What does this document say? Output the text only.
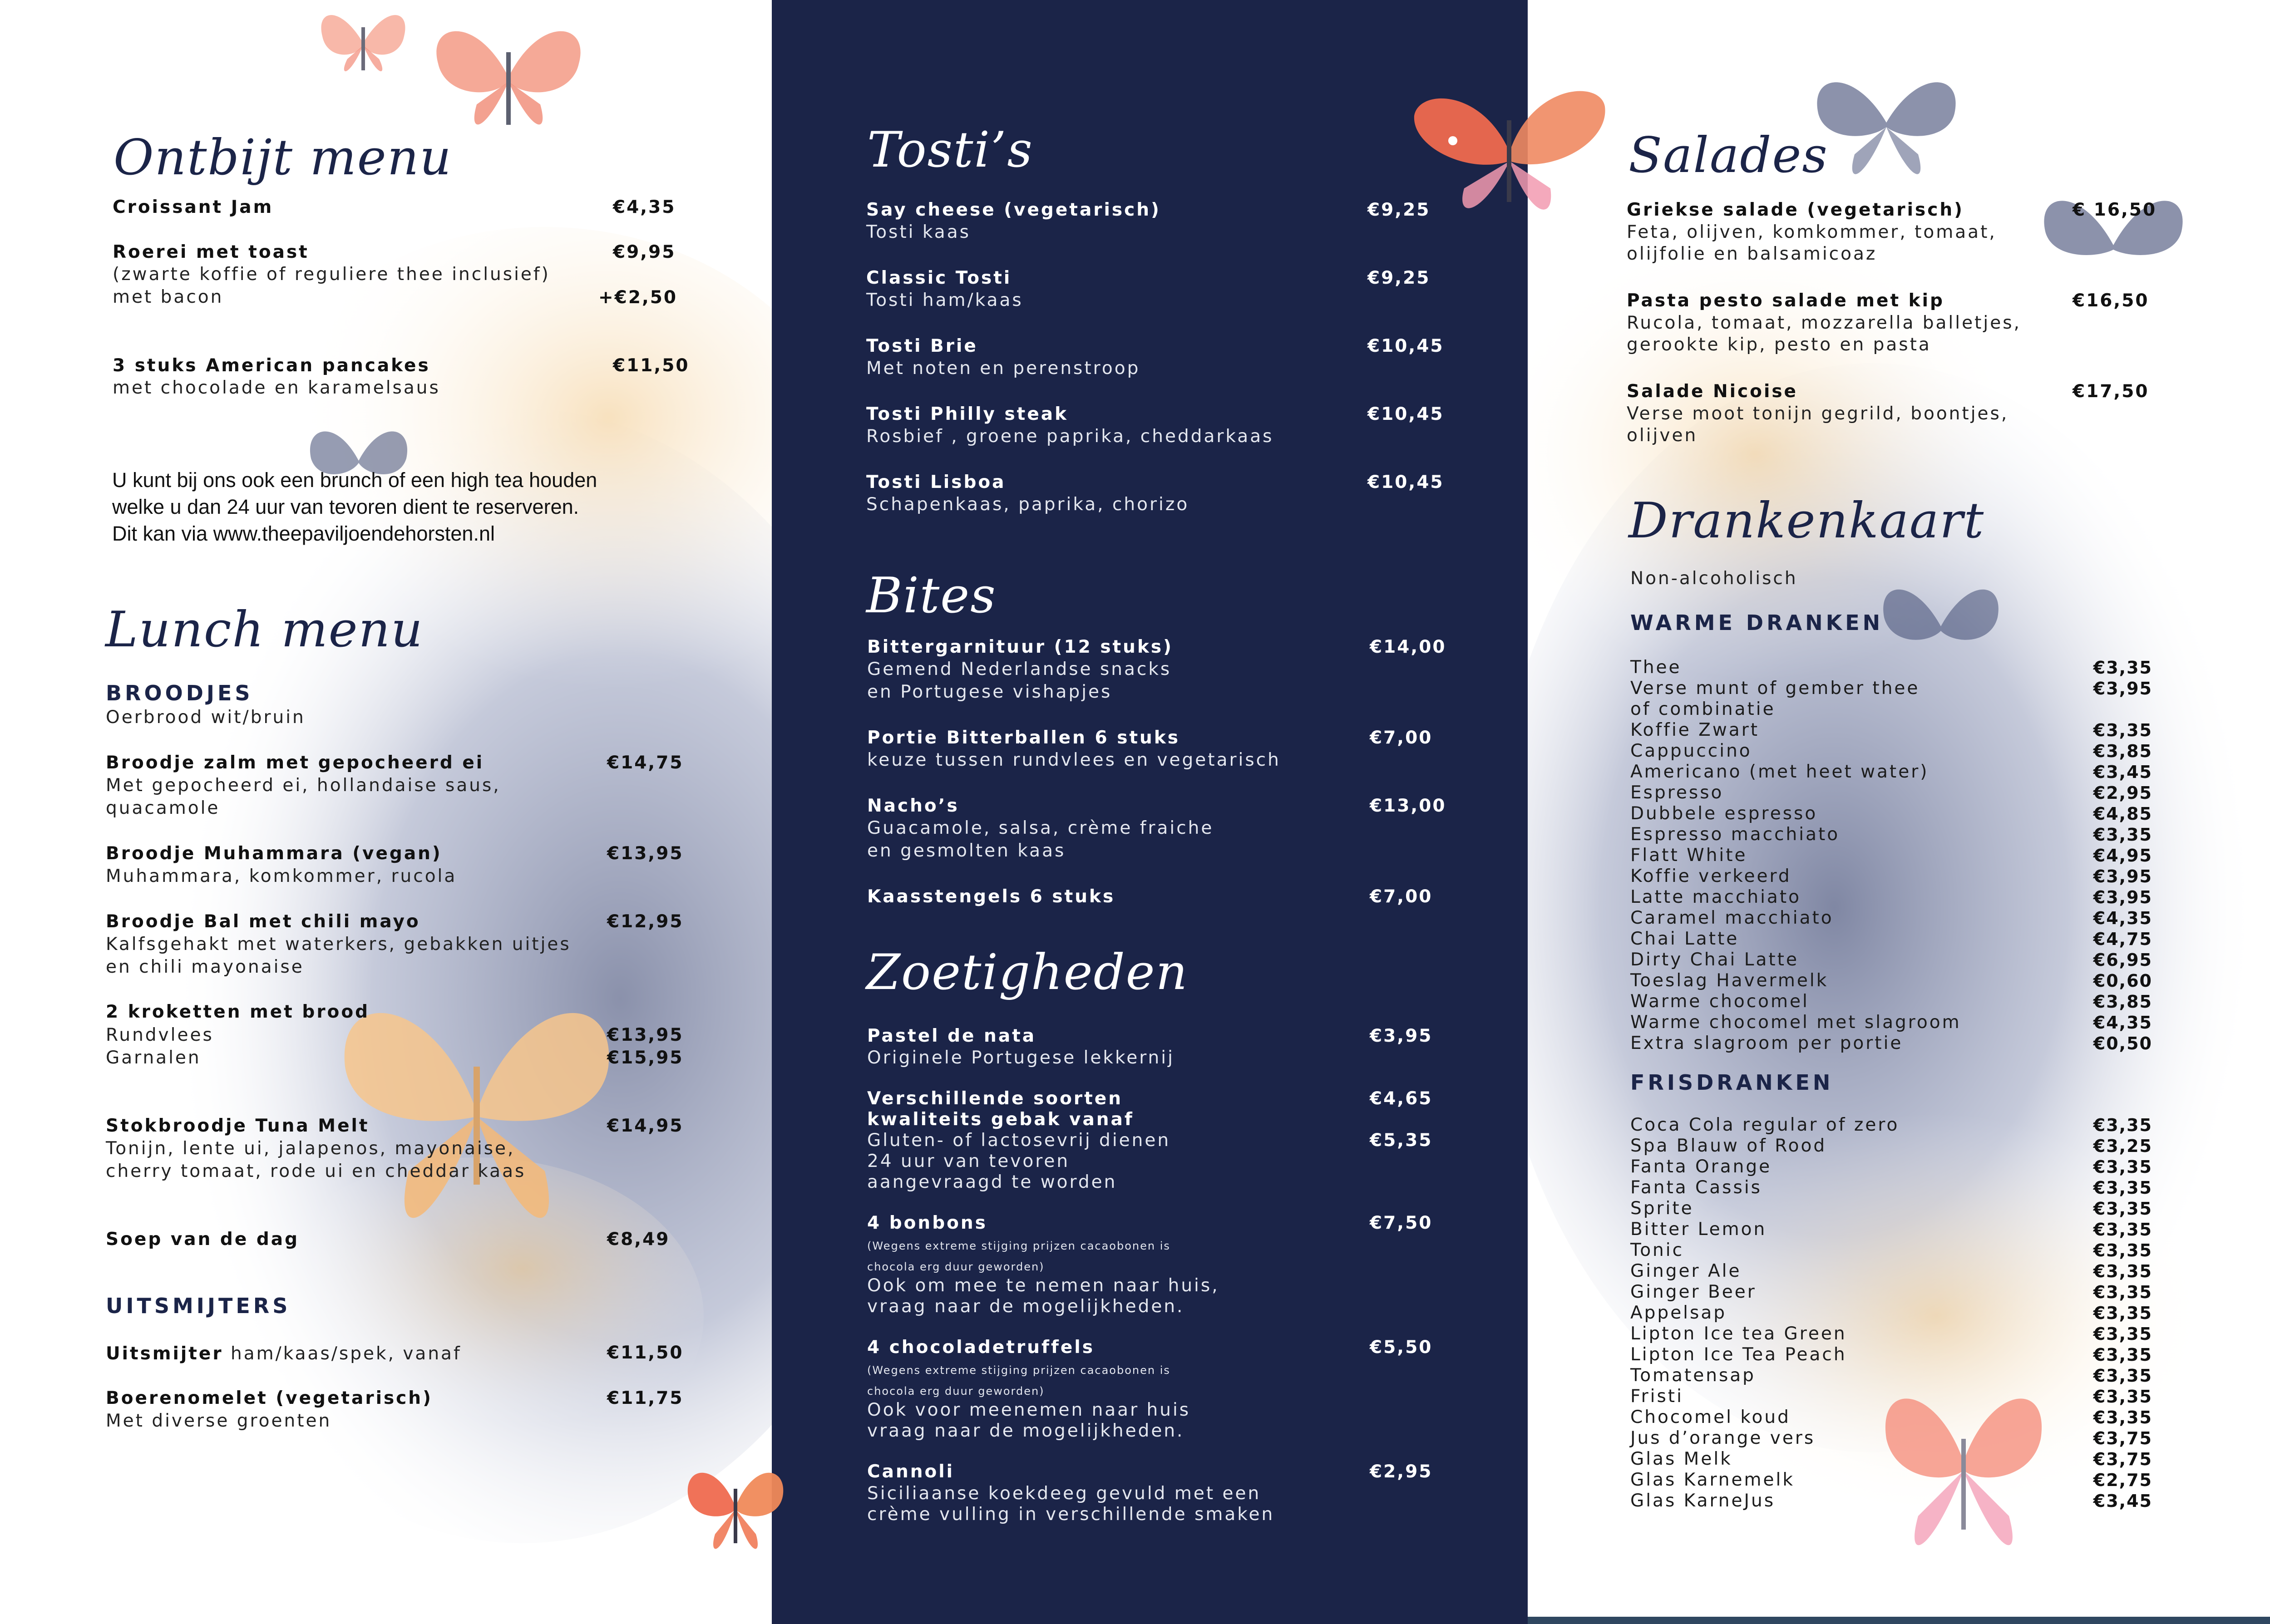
Ontbijt menu
Croissant Jam	€4,35
Roerei met toast	€9,95
(zwarte koffie of reguliere thee inclusief)
met bacon	+€2,50
3 stuks American pancakes	€11,50
met chocolade en karamelsaus
U kunt bij ons ook een brunch of een high tea houden
welke u dan 24 uur van tevoren dient te reserveren.
Dit kan via www.theepaviljoendehorsten.nl
Lunch menu
BROODJES
Oerbrood wit/bruin
Broodje zalm met gepocheerd ei	€14,75
Met gepocheerd ei, hollandaise saus,
quacamole
Broodje Muhammara (vegan)	€13,95
Muhammara, komkommer, rucola
Broodje Bal met chili mayo	€12,95
Kalfsgehakt met waterkers, gebakken uitjes
en chili mayonaise
2 kroketten met brood
Rundvlees	€13,95
Garnalen	€15,95
Stokbroodje Tuna Melt	€14,95
Tonijn, lente ui, jalapenos, mayonaise,
cherry tomaat, rode ui en cheddar kaas
Soep van de dag	€8,49
UITSMIJTERS
Uitsmijter ham/kaas/spek, vanaf	€11,50
Boerenomelet (vegetarisch)	€11,75
Met diverse groenten
Tosti’s
Say cheese (vegetarisch)	€9,25
Tosti kaas
Classic Tosti	€9,25
Tosti ham/kaas
Tosti Brie	€10,45
Met noten en perenstroop
Tosti Philly steak	€10,45
Rosbief , groene paprika, cheddarkaas
Tosti Lisboa	€10,45
Schapenkaas, paprika, chorizo
Bites
Bittergarnituur (12 stuks)	€14,00
Gemend Nederlandse snacks
en Portugese vishapjes
Portie Bitterballen 6 stuks	€7,00
keuze tussen rundvlees en vegetarisch
Nacho’s	€13,00
Guacamole, salsa, crème fraiche
en gesmolten kaas
Kaasstengels 6 stuks	€7,00
Zoetigheden
Pastel de nata	€3,95
Originele Portugese lekkernij
Verschillende soorten	€4,65
kwaliteits gebak vanaf
Gluten- of lactosevrij dienen	€5,35
24 uur van tevoren
aangevraagd te worden
4 bonbons	€7,50
(Wegens extreme stijging prijzen cacaobonen is
chocola erg duur geworden)
Ook om mee te nemen naar huis,
vraag naar de mogelijkheden.
4 chocoladetruffels	€5,50
(Wegens extreme stijging prijzen cacaobonen is
chocola erg duur geworden)
Ook voor meenemen naar huis
vraag naar de mogelijkheden.
Cannoli	€2,95
Siciliaanse koekdeeg gevuld met een
crème vulling in verschillende smaken
Salades
Griekse salade (vegetarisch)	€ 16,50
Feta, olijven, komkommer, tomaat,
olijfolie en balsamicoaz
Pasta pesto salade met kip	€16,50
Rucola, tomaat, mozzarella balletjes,
gerookte kip, pesto en pasta
Salade Nicoise	€17,50
Verse moot tonijn gegrild, boontjes,
olijven
Drankenkaart
Non-alcoholisch
WARME DRANKEN
Thee	€3,35
Verse munt of gember thee	€3,95
of combinatie
Koffie Zwart	€3,35
Cappuccino	€3,85
Americano (met heet water)	€3,45
Espresso	€2,95
Dubbele espresso	€4,85
Espresso macchiato	€3,35
Flatt White	€4,95
Koffie verkeerd	€3,95
Latte macchiato	€3,95
Caramel macchiato	€4,35
Chai Latte	€4,75
Dirty Chai Latte	€6,95
Toeslag Havermelk	€0,60
Warme chocomel	€3,85
Warme chocomel met slagroom	€4,35
Extra slagroom per portie	€0,50
FRISDRANKEN
Coca Cola regular of zero	€3,35
Spa Blauw of Rood	€3,25
Fanta Orange	€3,35
Fanta Cassis	€3,35
Sprite	€3,35
Bitter Lemon	€3,35
Tonic	€3,35
Ginger Ale	€3,35
Ginger Beer	€3,35
Appelsap	€3,35
Lipton Ice tea Green	€3,35
Lipton Ice Tea Peach	€3,35
Tomatensap	€3,35
Fristi	€3,35
Chocomel koud	€3,35
Jus d’orange vers	€3,75
Glas Melk	€3,75
Glas Karnemelk	€2,75
Glas KarneJus	€3,45
